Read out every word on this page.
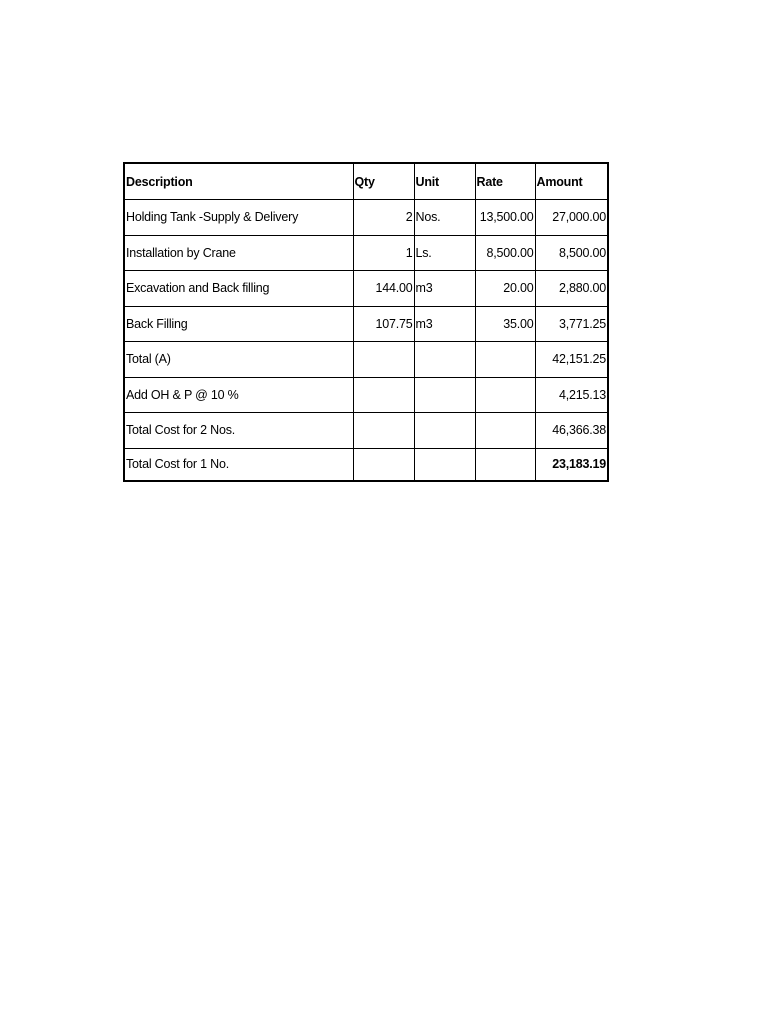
Description	Qty	Unit	Rate	Amount
Holding Tank -Supply & Delivery	2	Nos.	13,500.00	27,000.00
Installation by Crane	1	Ls.	8,500.00	8,500.00
Excavation and Back filling	144.00	m3	20.00	2,880.00
Back Filling	107.75	m3	35.00	3,771.25
Total (A)				42,151.25
Add OH & P @ 10 %				4,215.13
Total Cost for 2 Nos.				46,366.38
Total Cost for 1 No.				23,183.19
